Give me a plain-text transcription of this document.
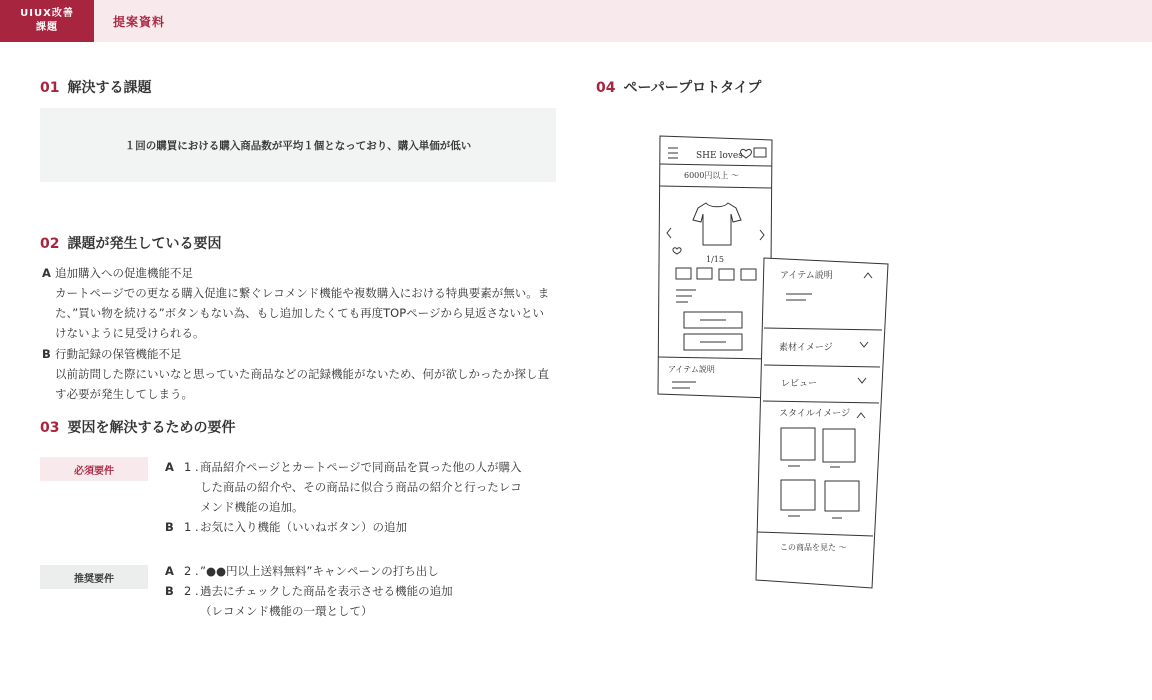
UIUX改善
課題	提案資料
01 解決する課題
１回の購買における購入商品数が平均１個となっており、購入単価が低い
02 課題が発生している要因
A 追加購入への促進機能不足
カートページでの更なる購入促進に繋ぐレコメンド機能や複数購入における特典要素が無い。また、”買い物を続ける”ボタンもない為、もし追加したくても再度TOPページから見返さないといけないように見受けられる。
B 行動記録の保管機能不足
以前訪問した際にいいなと思っていた商品などの記録機能がないため、何が欲しかったか探し直す必要が発生してしまう。
03 要因を解決するための要件
必須要件	A 1 . 商品紹介ページとカートページで同商品を買った他の人が購入
した商品の紹介や、その商品に似合う商品の紹介と行ったレコ
メンド機能の追加。
B 1 . お気に入り機能（いいねボタン）の追加
推奨要件
A 2 . ”●●円以上送料無料”キャンペーンの打ち出し
B 2 . 過去にチェックした商品を表示させる機能の追加
（レコメンド機能の一環として）
04 ペーパープロトタイプ
SHE loves
6000円以上 〜
1/15
アイテム説明
アイテム説明
素材イメージ
レビュー
スタイルイメージ
この商品を見た 〜
